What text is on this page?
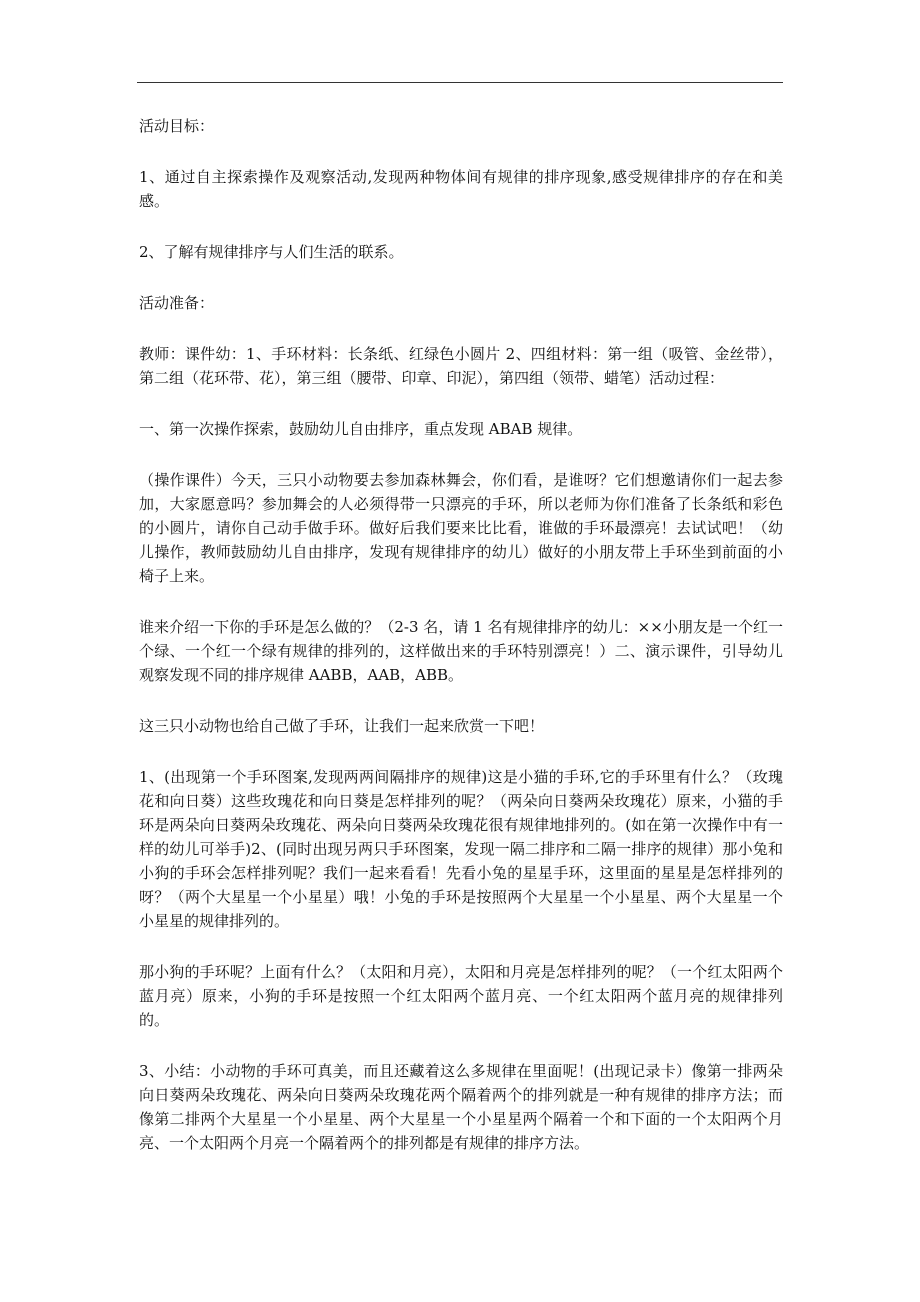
活动目标：

1、通过自主探索操作及观察活动,发现两种物体间有规律的排序现象,感受规律排序的存在和美感。

2、了解有规律排序与人们生活的联系。

活动准备：

教师：课件幼：1、手环材料：长条纸、红绿色小圆片 2、四组材料：第一组（吸管、金丝带），第二组（花环带、花），第三组（腰带、印章、印泥），第四组（领带、蜡笔）活动过程：

一、第一次操作探索，鼓励幼儿自由排序，重点发现 ABAB 规律。

（操作课件）今天，三只小动物要去参加森林舞会，你们看，是谁呀？它们想邀请你们一起去参加，大家愿意吗？参加舞会的人必须得带一只漂亮的手环，所以老师为你们准备了长条纸和彩色的小圆片，请你自己动手做手环。做好后我们要来比比看，谁做的手环最漂亮！去试试吧！（幼儿操作，教师鼓励幼儿自由排序，发现有规律排序的幼儿）做好的小朋友带上手环坐到前面的小椅子上来。

谁来介绍一下你的手环是怎么做的？（2-3 名，请 1 名有规律排序的幼儿：××小朋友是一个红一个绿、一个红一个绿有规律的排列的，这样做出来的手环特别漂亮！）二、演示课件，引导幼儿观察发现不同的排序规律 AABB，AAB，ABB。

这三只小动物也给自己做了手环，让我们一起来欣赏一下吧！

1、(出现第一个手环图案,发现两两间隔排序的规律)这是小猫的手环,它的手环里有什么？（玫瑰花和向日葵）这些玫瑰花和向日葵是怎样排列的呢？（两朵向日葵两朵玫瑰花）原来，小猫的手环是两朵向日葵两朵玫瑰花、两朵向日葵两朵玫瑰花很有规律地排列的。(如在第一次操作中有一样的幼儿可举手)2、(同时出现另两只手环图案，发现一隔二排序和二隔一排序的规律）那小兔和小狗的手环会怎样排列呢？我们一起来看看！先看小兔的星星手环，这里面的星星是怎样排列的呀？（两个大星星一个小星星）哦！小兔的手环是按照两个大星星一个小星星、两个大星星一个小星星的规律排列的。

那小狗的手环呢？上面有什么？（太阳和月亮），太阳和月亮是怎样排列的呢？（一个红太阳两个蓝月亮）原来，小狗的手环是按照一个红太阳两个蓝月亮、一个红太阳两个蓝月亮的规律排列的。

3、小结：小动物的手环可真美，而且还藏着这么多规律在里面呢！(出现记录卡）像第一排两朵向日葵两朵玫瑰花、两朵向日葵两朵玫瑰花两个隔着两个的排列就是一种有规律的排序方法；而像第二排两个大星星一个小星星、两个大星星一个小星星两个隔着一个和下面的一个太阳两个月亮、一个太阳两个月亮一个隔着两个的排列都是有规律的排序方法。
